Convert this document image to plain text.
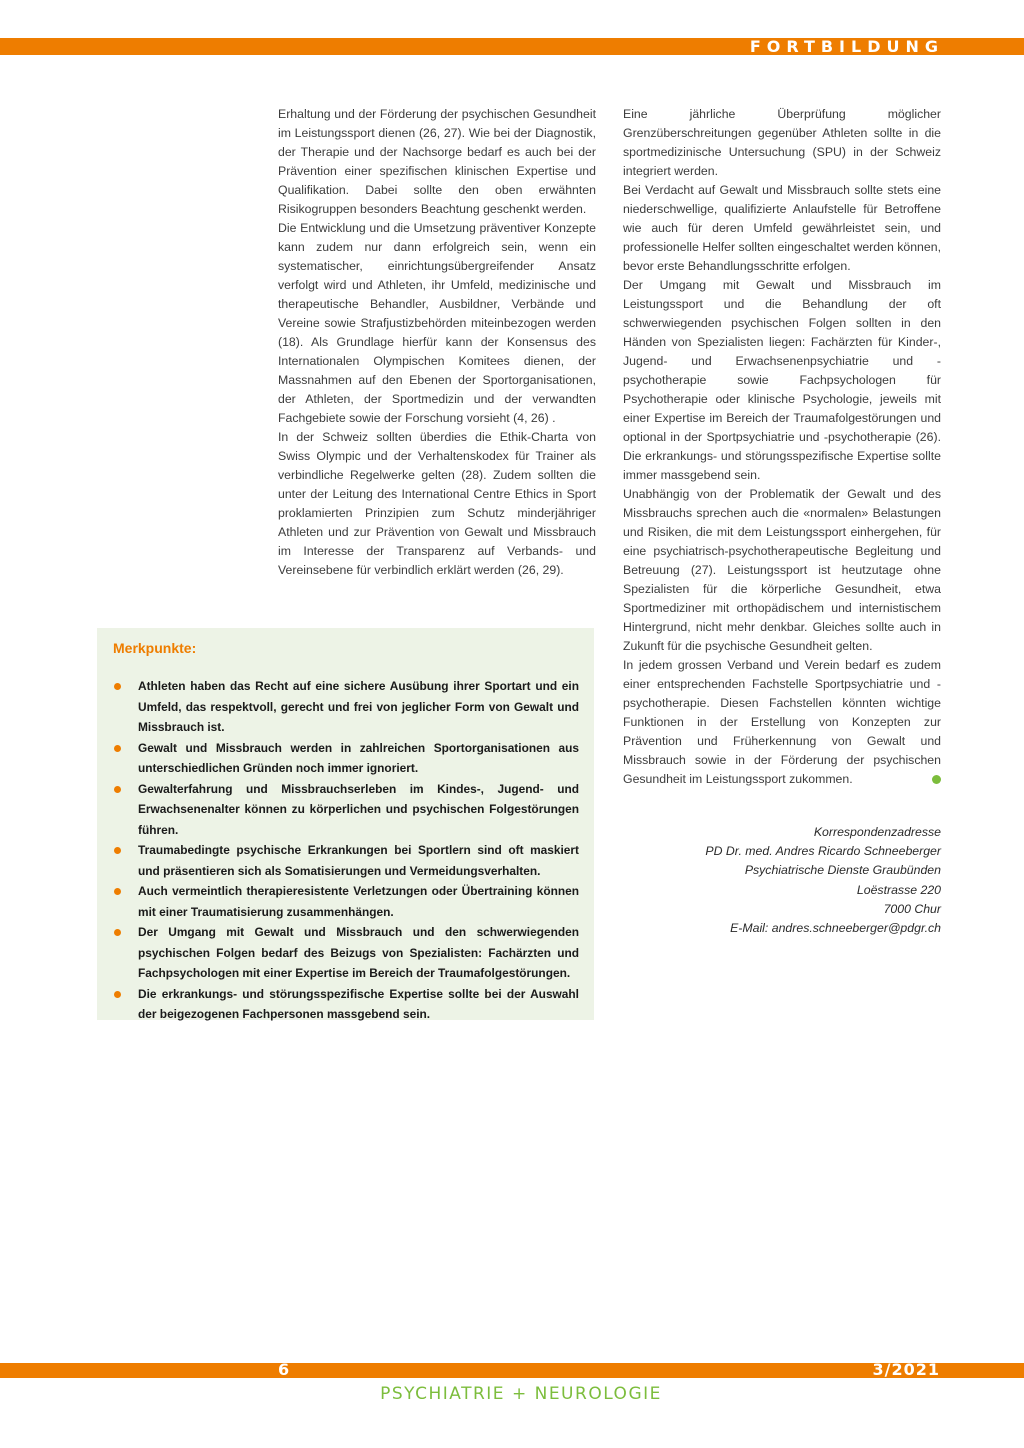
FORTBILDUNG

Erhaltung und der Förderung der psychischen Gesundheit im Leistungssport dienen (26, 27). Wie bei der Diagnostik, der Therapie und der Nachsorge bedarf es auch bei der Prävention einer spezifischen klinischen Expertise und Qualifikation. Dabei sollte den oben erwähnten Risikogruppen besonders Beachtung geschenkt werden.

Die Entwicklung und die Umsetzung präventiver Konzepte kann zudem nur dann erfolgreich sein, wenn ein systematischer, einrichtungsübergreifender Ansatz verfolgt wird und Athleten, ihr Umfeld, medizinische und therapeutische Behandler, Ausbildner, Verbände und Vereine sowie Strafjustizbehörden miteinbezogen werden (18). Als Grundlage hierfür kann der Konsensus des Internationalen Olympischen Komitees dienen, der Massnahmen auf den Ebenen der Sportorganisationen, der Athleten, der Sportmedizin und der verwandten Fachgebiete sowie der Forschung vorsieht (4, 26) .

In der Schweiz sollten überdies die Ethik-Charta von Swiss Olympic und der Verhaltenskodex für Trainer als verbindliche Regelwerke gelten (28). Zudem sollten die unter der Leitung des International Centre Ethics in Sport proklamierten Prinzipien zum Schutz minderjähriger Athleten und zur Prävention von Gewalt und Missbrauch im Interesse der Transparenz auf Verbands- und Vereinsebene für verbindlich erklärt werden (26, 29).

Eine jährliche Überprüfung möglicher Grenzüberschreitungen gegenüber Athleten sollte in die sportmedizinische Untersuchung (SPU) in der Schweiz integriert werden.

Bei Verdacht auf Gewalt und Missbrauch sollte stets eine niederschwellige, qualifizierte Anlaufstelle für Betroffene wie auch für deren Umfeld gewährleistet sein, und professionelle Helfer sollten eingeschaltet werden können, bevor erste Behandlungsschritte erfolgen.

Der Umgang mit Gewalt und Missbrauch im Leistungssport und die Behandlung der oft schwerwiegenden psychischen Folgen sollten in den Händen von Spezialisten liegen: Fachärzten für Kinder-, Jugend- und Erwachsenenpsychiatrie und -psychotherapie sowie Fachpsychologen für Psychotherapie oder klinische Psychologie, jeweils mit einer Expertise im Bereich der Traumafolgestörungen und optional in der Sportpsychiatrie und -psychotherapie (26). Die erkrankungs- und störungsspezifische Expertise sollte immer massgebend sein.

Unabhängig von der Problematik der Gewalt und des Missbrauchs sprechen auch die «normalen» Belastungen und Risiken, die mit dem Leistungssport einhergehen, für eine psychiatrisch-psychotherapeutische Begleitung und Betreuung (27). Leistungssport ist heutzutage ohne Spezialisten für die körperliche Gesundheit, etwa Sportmediziner mit orthopädischem und internistischem Hintergrund, nicht mehr denkbar. Gleiches sollte auch in Zukunft für die psychische Gesundheit gelten.

In jedem grossen Verband und Verein bedarf es zudem einer entsprechenden Fachstelle Sportpsychiatrie und -psychotherapie. Diesen Fachstellen könnten wichtige Funktionen in der Erstellung von Konzepten zur Prävention und Früherkennung von Gewalt und Missbrauch sowie in der Förderung der psychischen Gesundheit im Leistungssport zukommen.

Merkpunkte:
Athleten haben das Recht auf eine sichere Ausübung ihrer Sportart und ein Umfeld, das respektvoll, gerecht und frei von jeglicher Form von Gewalt und Missbrauch ist.
Gewalt und Missbrauch werden in zahlreichen Sportorganisationen aus unterschiedlichen Gründen noch immer ignoriert.
Gewalterfahrung und Missbrauchserleben im Kindes-, Jugend- und Erwachsenenalter können zu körperlichen und psychischen Folgestörungen führen.
Traumabedingte psychische Erkrankungen bei Sportlern sind oft maskiert und präsentieren sich als Somatisierungen und Vermeidungsverhalten.
Auch vermeintlich therapieresistente Verletzungen oder Übertraining können mit einer Traumatisierung zusammenhängen.
Der Umgang mit Gewalt und Missbrauch und den schwerwiegenden psychischen Folgen bedarf des Beizugs von Spezialisten: Fachärzten und Fachpsychologen mit einer Expertise im Bereich der Traumafolgestörungen.
Die erkrankungs- und störungsspezifische Expertise sollte bei der Auswahl der beigezogenen Fachpersonen massgebend sein.
Korrespondenzadresse
PD Dr. med. Andres Ricardo Schneeberger
Psychiatrische Dienste Graubünden
Loëstrasse 220
7000 Chur
E-Mail: andres.schneeberger@pdgr.ch
6	3/2021
PSYCHIATRIE + NEUROLOGIE
